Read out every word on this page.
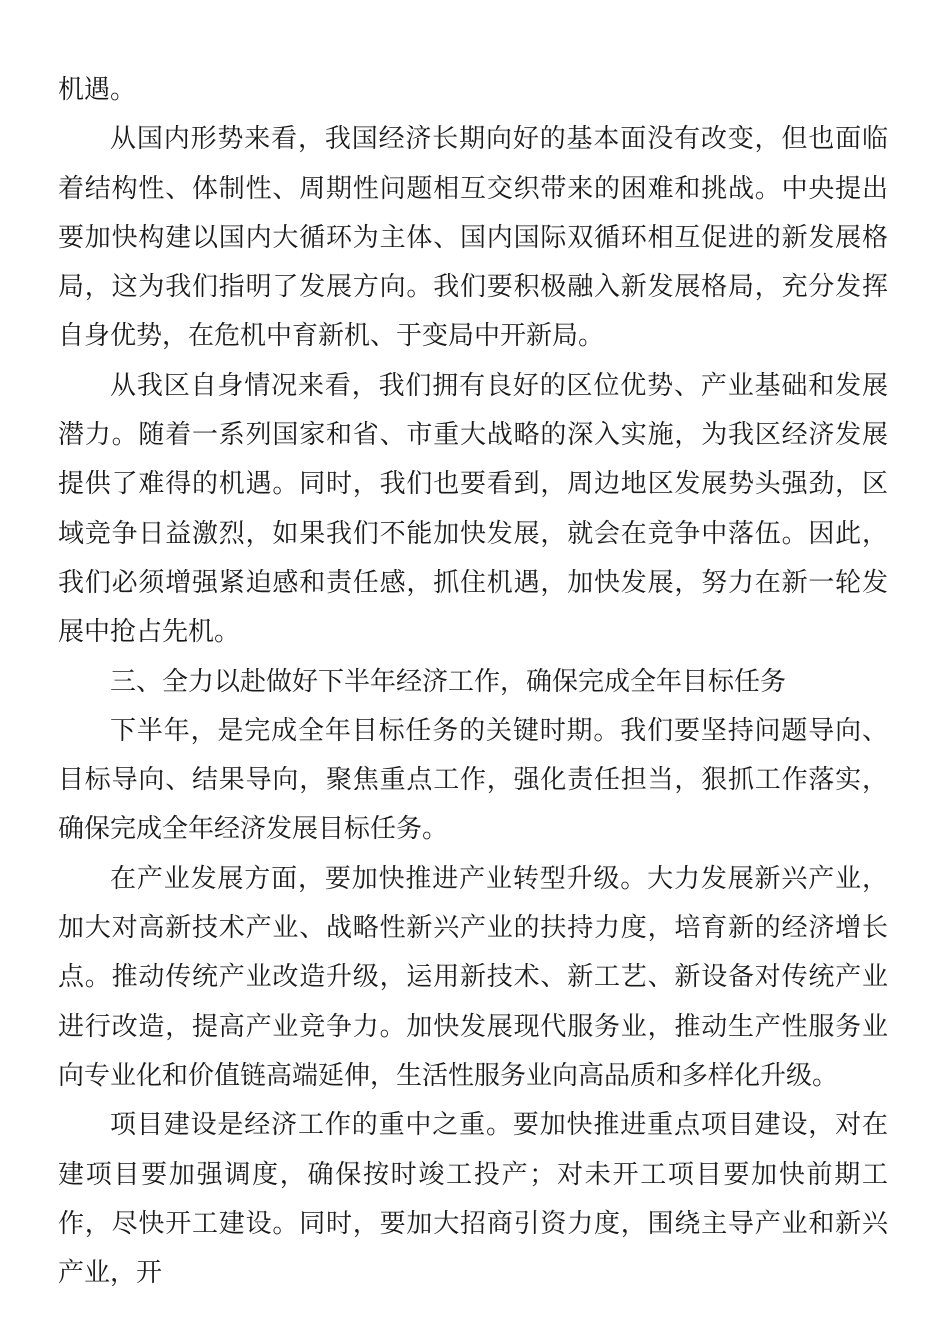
机遇。

从国内形势来看，我国经济长期向好的基本面没有改变，但也面临着结构性、体制性、周期性问题相互交织带来的困难和挑战。中央提出要加快构建以国内大循环为主体、国内国际双循环相互促进的新发展格局，这为我们指明了发展方向。我们要积极融入新发展格局，充分发挥自身优势，在危机中育新机、于变局中开新局。

从我区自身情况来看，我们拥有良好的区位优势、产业基础和发展潜力。随着一系列国家和省、市重大战略的深入实施，为我区经济发展提供了难得的机遇。同时，我们也要看到，周边地区发展势头强劲，区域竞争日益激烈，如果我们不能加快发展，就会在竞争中落伍。因此，我们必须增强紧迫感和责任感，抓住机遇，加快发展，努力在新一轮发展中抢占先机。

三、全力以赴做好下半年经济工作，确保完成全年目标任务

下半年，是完成全年目标任务的关键时期。我们要坚持问题导向、目标导向、结果导向，聚焦重点工作，强化责任担当，狠抓工作落实，确保完成全年经济发展目标任务。

在产业发展方面，要加快推进产业转型升级。大力发展新兴产业，加大对高新技术产业、战略性新兴产业的扶持力度，培育新的经济增长点。推动传统产业改造升级，运用新技术、新工艺、新设备对传统产业进行改造，提高产业竞争力。加快发展现代服务业，推动生产性服务业向专业化和价值链高端延伸，生活性服务业向高品质和多样化升级。

项目建设是经济工作的重中之重。要加快推进重点项目建设，对在建项目要加强调度，确保按时竣工投产；对未开工项目要加快前期工作，尽快开工建设。同时，要加大招商引资力度，围绕主导产业和新兴产业，开
